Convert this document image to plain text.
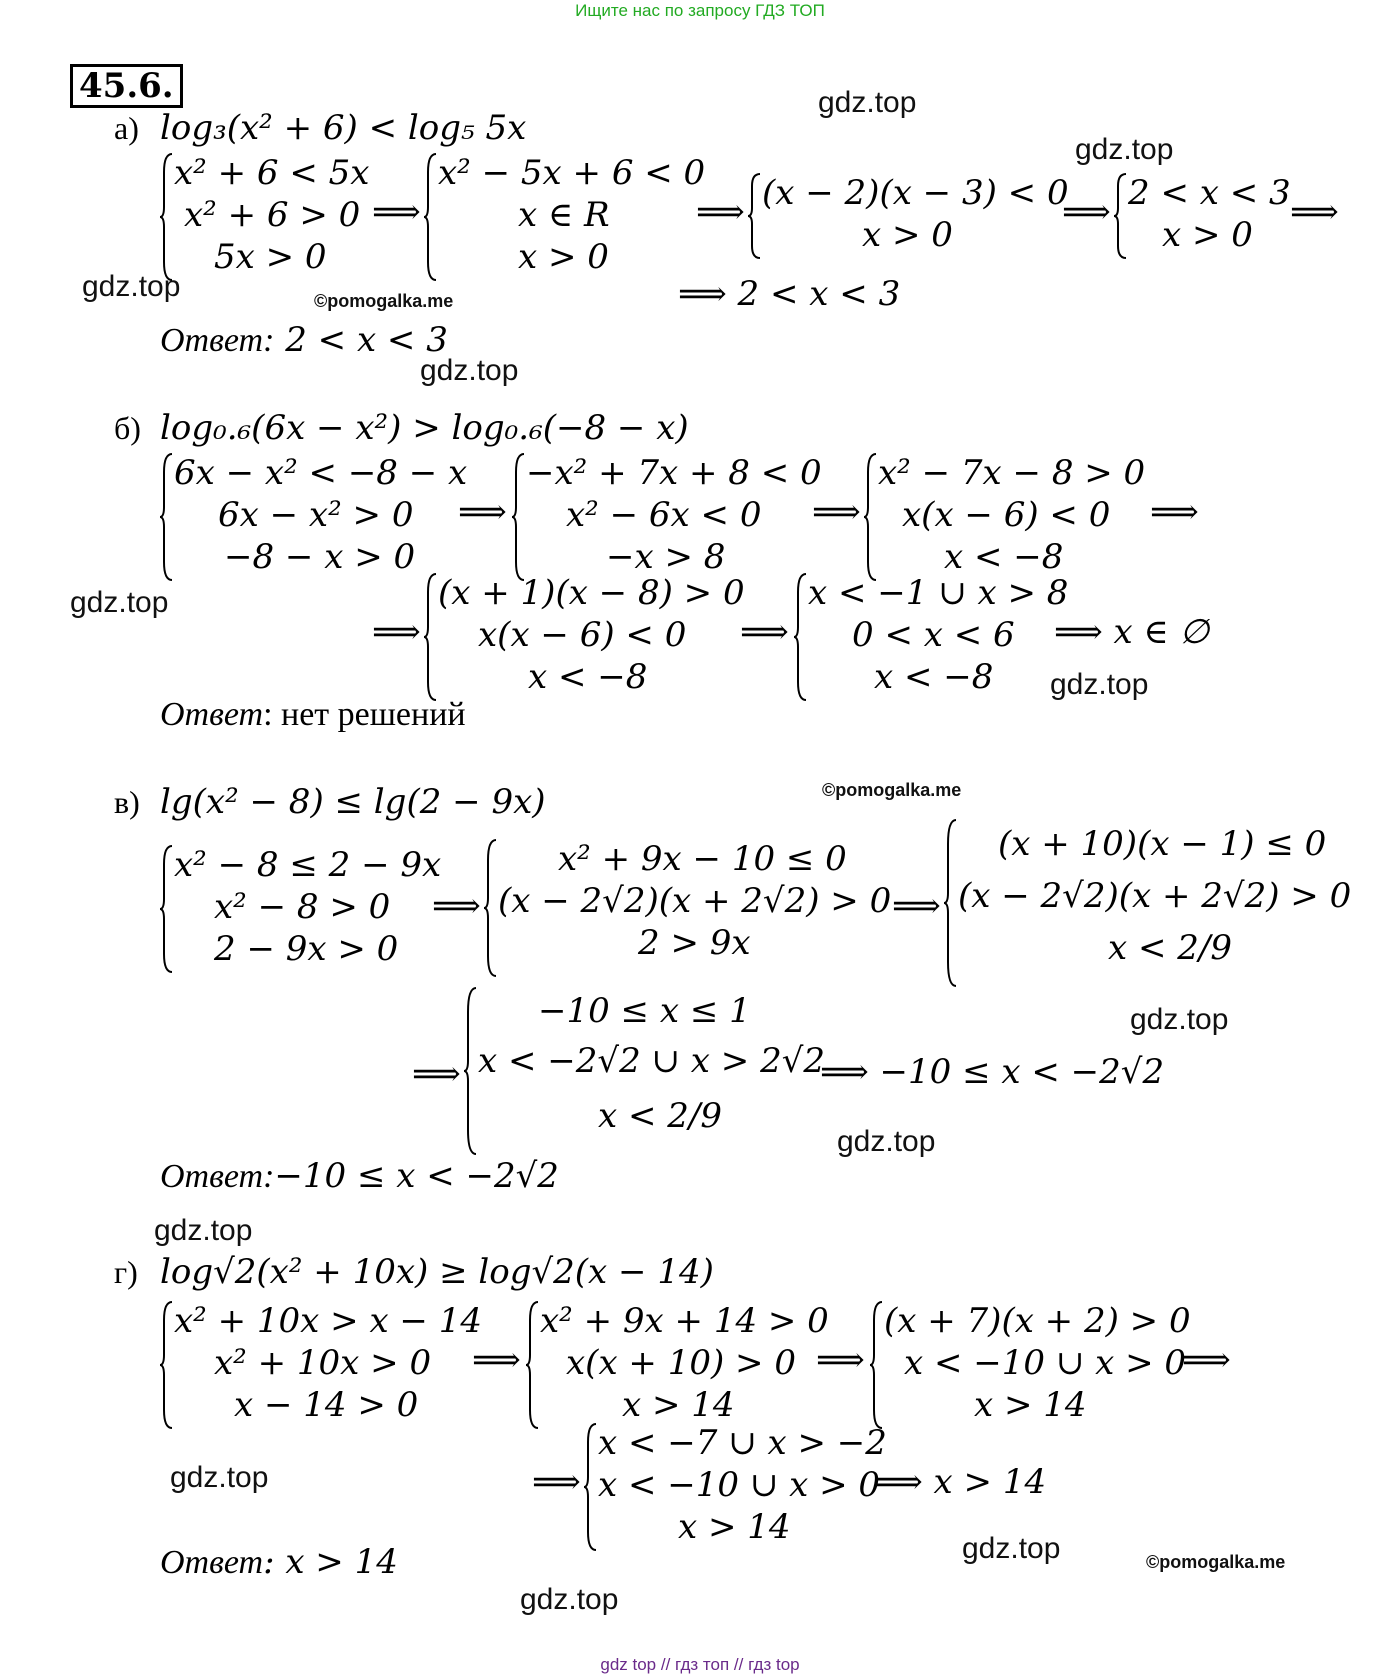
Ищите нас по запросу ГДЗ ТОП
45.6.	gdz.top
gdz.top
gdz.top	©pomogalka.me
gdz.top
gdz.top
gdz.top
©pomogalka.me
gdz.top
gdz.top
gdz.top
gdz.top
gdz.top	©pomogalka.me
gdz.top
а) log₃(x² + 6) < log₅ 5x
x² + 6 < 5x
x² + 6 > 0
5x > 0
⟹
x² − 5x + 6 < 0
x ∈ R
x > 0
⟹ (x − 2)(x − 3) < 0
x > 0
⟹ 2 < x < 3
x > 0
⟹
⟹ 2 < x < 3
Ответ: 2 < x < 3
б) log₀.₆(6x − x²) > log₀.₆(−8 − x)
6x − x² < −8 − x
6x − x² > 0
−8 − x > 0
⟹
−x² + 7x + 8 < 0
x² − 6x < 0
−x > 8
⟹
x² − 7x − 8 > 0
x(x − 6) < 0
x < −8
⟹
⟹
(x + 1)(x − 8) > 0
x(x − 6) < 0
x < −8
⟹
x < −1 ∪ x > 8
0 < x < 6
x < −8
⟹ x ∈ ∅
Ответ: нет решений
в) lg(x² − 8) ≤ lg(2 − 9x)
x² − 8 ≤ 2 − 9x
x² − 8 > 0
2 − 9x > 0
⟹
x² + 9x − 10 ≤ 0
(x − 2√2)(x + 2√2) > 0
2 > 9x
⟹
(x + 10)(x − 1) ≤ 0
(x − 2√2)(x + 2√2) > 0
x < 2/9
⟹
−10 ≤ x ≤ 1
x < −2√2 ∪ x > 2√2
x < 2/9
⟹ −10 ≤ x < −2√2
Ответ:−10 ≤ x < −2√2
г) log√2(x² + 10x) ≥ log√2(x − 14)
x² + 10x > x − 14
x² + 10x > 0
x − 14 > 0
⟹
x² + 9x + 14 > 0
x(x + 10) > 0
x > 14
⟹
(x + 7)(x + 2) > 0
x < −10 ∪ x > 0
x > 14
⟹
⟹
x < −7 ∪ x > −2
x < −10 ∪ x > 0
x > 14
⟹ x > 14
Ответ: x > 14
gdz top // гдз топ // гдз top
